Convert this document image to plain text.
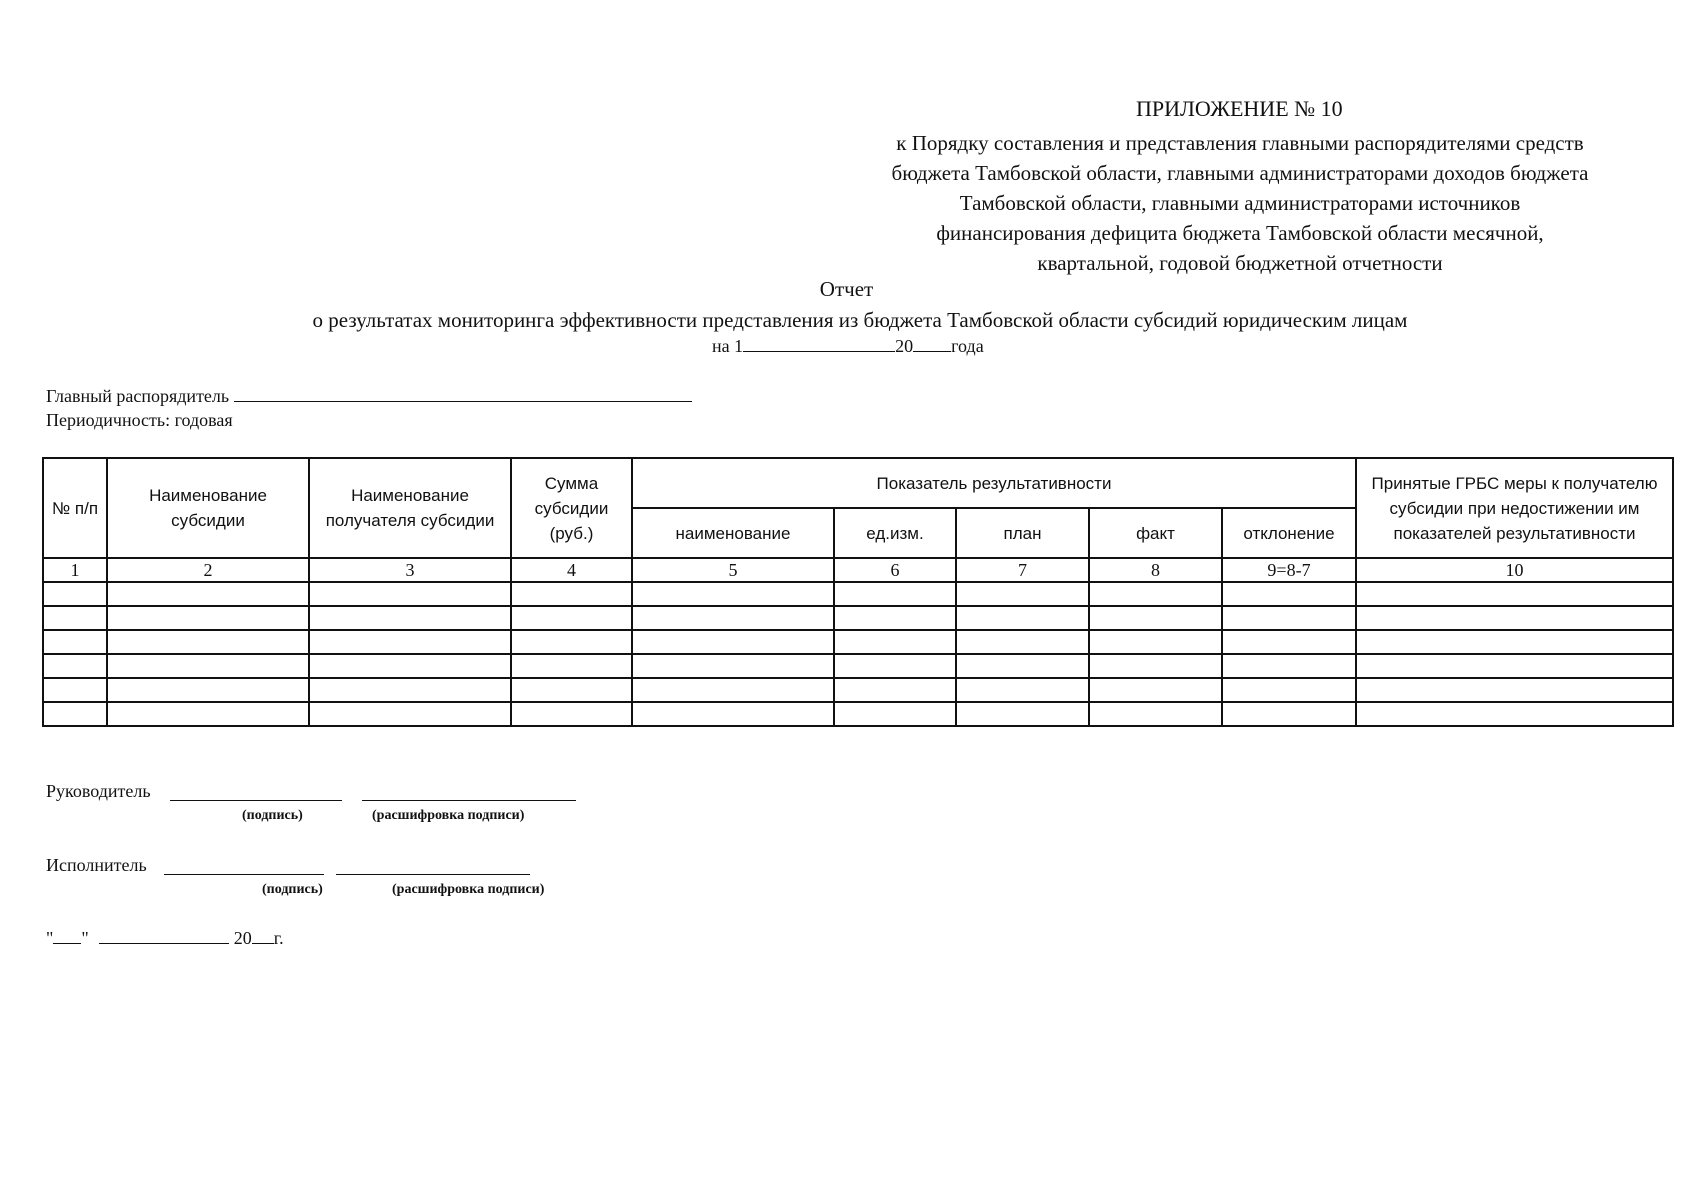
ПРИЛОЖЕНИЕ № 10
к Порядку составления и представления главными распорядителями средств
бюджета Тамбовской области, главными администраторами доходов бюджета
Тамбовской области, главными администраторами источников
финансирования дефицита бюджета Тамбовской области месячной,
квартальной, годовой бюджетной отчетности
Отчет
о результатах мониторинга эффективности представления из бюджета Тамбовской области субсидий юридическим лицам
на 1	20 года
Главный распорядитель
Периодичность: годовая
№ п/п	Наименование субсидии	Наименование получателя субсидии	Сумма субсидии (руб.)	Показатель результативности					Принятые ГРБС меры к получателю субсидии при недостижении им показателей результативности
				наименование	ед.изм.	план	факт	отклонение	
1	2	3	4	5	6	7	8	9=8-7	10

Руководитель
(подпись)	(расшифровка подписи)
Исполнитель
(подпись)	(расшифровка подписи)
" "	20 г.
